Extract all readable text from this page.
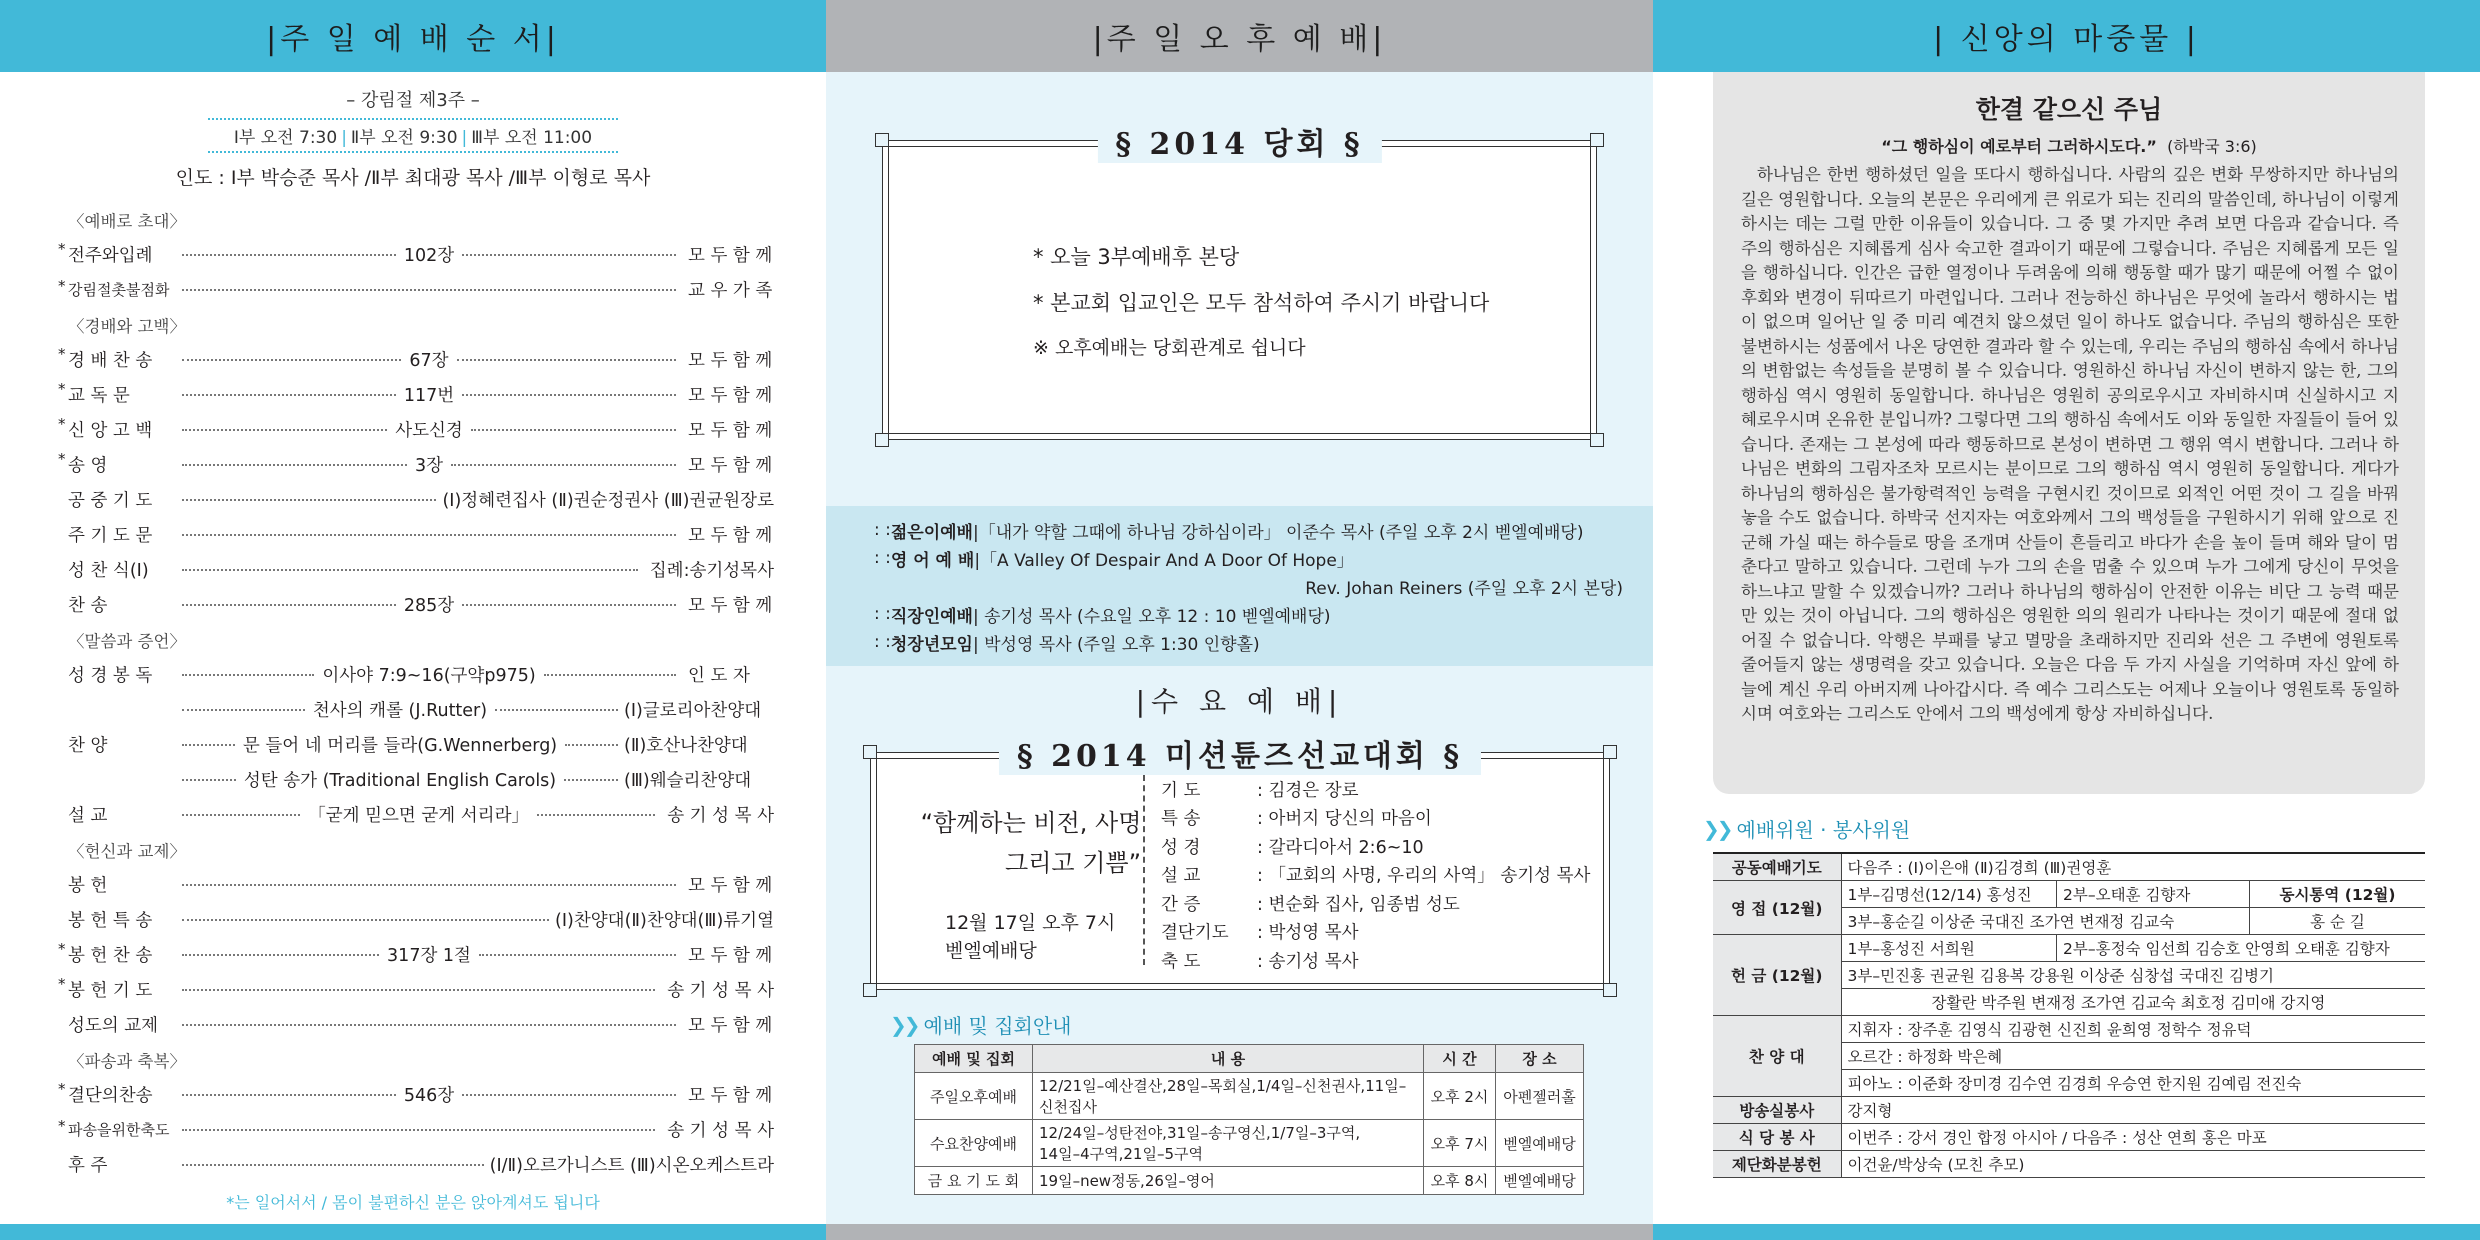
|주 일 예 배 순 서|
– 강림절 제3주 –
Ⅰ부 오전 7:30 | Ⅱ부 오전 9:30 | Ⅲ부 오전 11:00
인도 : Ⅰ부 박승준 목사 /Ⅱ부 최대광 목사 /Ⅲ부 이형로 목사
〈예배로 초대〉
* 전주와입례	102장	모 두 함 께
* 강림절촛불점화	교 우 가 족
〈경배와 고백〉
* 경 배 찬 송	67장	모 두 함 께
* 교 독 문	117번	모 두 함 께
* 신 앙 고 백	사도신경	모 두 함 께
* 송 영	3장	모 두 함 께
공 중 기 도	(Ⅰ)정혜련집사 (Ⅱ)권순정권사 (Ⅲ)권균원장로
주 기 도 문	모 두 함 께
성 찬 식(Ⅰ)	집례:송기성목사
찬 송	285장	모 두 함 께
〈말씀과 증언〉
성 경 봉 독	이사야 7:9~16(구약p975)	인 도 자
천사의 캐롤 (J.Rutter)	(Ⅰ)글로리아찬양대
찬 양	문 들어 네 머리를 들라(G.Wennerberg)	(Ⅱ)호산나찬양대
성탄 송가 (Traditional English Carols)	(Ⅲ)웨슬리찬양대
설 교	「굳게 믿으면 굳게 서리라」	송 기 성 목 사
〈헌신과 교제〉
봉 헌	모 두 함 께
봉 헌 특 송	(Ⅰ)찬양대(Ⅱ)찬양대(Ⅲ)류기열
* 봉 헌 찬 송	317장 1절	모 두 함 께
* 봉 헌 기 도	송 기 성 목 사
성도의 교제	모 두 함 께
〈파송과 축복〉
* 결단의찬송	546장	모 두 함 께
* 파송을위한축도	송 기 성 목 사
후 주	(Ⅰ/Ⅱ)오르가니스트 (Ⅲ)시온오케스트라
*는 일어서서 / 몸이 불편하신 분은 앉아계셔도 됩니다
|주 일 오 후 예 배|
§ 2014 당회 §
* 오늘 3부예배후 본당
* 본교회 입교인은 모두 참석하여 주시기 바랍니다
※ 오후예배는 당회관계로 쉽니다
: : 젊은이예배 |「내가 약할 그때에 하나님 강하심이라」 이준수 목사 (주일 오후 2시 벧엘예배당)
: : 영 어 예 배 |「A Valley Of Despair And A Door Of Hope」
Rev. Johan Reiners (주일 오후 2시 본당)
: : 직장인예배 | 송기성 목사 (수요일 오후 12 : 10 벧엘예배당)
: : 청장년모임 | 박성영 목사 (주일 오후 1:30 인향홀)
|수 요 예 배|
§ 2014 미션튠즈선교대회 §
“함께하는 비전, 사명
그리고 기쁨”
12월 17일 오후 7시
벧엘예배당
기 도	: 김경은 장로
특 송	: 아버지 당신의 마음이
성 경	: 갈라디아서 2:6~10
설 교	: 「교회의 사명, 우리의 사역」 송기성 목사
간 증	: 변순화 집사, 임종범 성도
결단기도	: 박성영 목사
축 도	: 송기성 목사
❯❯ 예배 및 집회안내
예배 및 집회	내 용	시 간	장 소
주일오후예배	12/21일–예산결산,28일–목회실,1/4일–신천권사,11일–신천집사	오후 2시	아펜젤러홀
수요찬양예배	12/24일–성탄전야,31일–송구영신,1/7일–3구역,
14일–4구역,21일–5구역	오후 7시	벧엘예배당
금 요 기 도 회	19일–new정동,26일–영어	오후 8시	벧엘예배당
| 신앙의 마중물 |
한결 같으신 주님
“그 행하심이 예로부터 그러하시도다.” (하박국 3:6)
하나님은 한번 행하셨던 일을 또다시 행하십니다. 사람의 깊은 변화 무쌍하지만 하나님의 길은 영원합니다. 오늘의 본문은 우리에게 큰 위로가 되는 진리의 말씀인데, 하나님이 이렇게 하시는 데는 그럴 만한 이유들이 있습니다. 그 중 몇 가지만 추려 보면 다음과 같습니다. 즉 주의 행하심은 지혜롭게 심사 숙고한 결과이기 때문에 그렇습니다. 주님은 지혜롭게 모든 일을 행하십니다. 인간은 급한 열정이나 두려움에 의해 행동할 때가 많기 때문에 어쩔 수 없이 후회와 변경이 뒤따르기 마련입니다. 그러나 전능하신 하나님은 무엇에 놀라서 행하시는 법이 없으며 일어난 일 중 미리 예견치 않으셨던 일이 하나도 없습니다. 주님의 행하심은 또한 불변하시는 성품에서 나온 당연한 결과라 할 수 있는데, 우리는 주님의 행하심 속에서 하나님의 변함없는 속성들을 분명히 볼 수 있습니다. 영원하신 하나님 자신이 변하지 않는 한, 그의 행하심 역시 영원히 동일합니다. 하나님은 영원히 공의로우시고 자비하시며 신실하시고 지혜로우시며 온유한 분입니까? 그렇다면 그의 행하심 속에서도 이와 동일한 자질들이 들어 있습니다. 존재는 그 본성에 따라 행동하므로 본성이 변하면 그 행위 역시 변합니다. 그러나 하나님은 변화의 그림자조차 모르시는 분이므로 그의 행하심 역시 영원히 동일합니다. 게다가 하나님의 행하심은 불가항력적인 능력을 구현시킨 것이므로 외적인 어떤 것이 그 길을 바꿔 놓을 수도 없습니다. 하박국 선지자는 여호와께서 그의 백성들을 구원하시기 위해 앞으로 진군해 가실 때는 하수들로 땅을 조개며 산들이 흔들리고 바다가 손을 높이 들며 해와 달이 멈춘다고 말하고 있습니다. 그런데 누가 그의 손을 멈출 수 있으며 누가 그에게 당신이 무엇을 하느냐고 말할 수 있겠습니까? 그러나 하나님의 행하심이 안전한 이유는 비단 그 능력 때문만 있는 것이 아닙니다. 그의 행하심은 영원한 의의 원리가 나타나는 것이기 때문에 절대 없어질 수 없습니다. 악행은 부패를 낳고 멸망을 초래하지만 진리와 선은 그 주변에 영원토록 줄어들지 않는 생명력을 갖고 있습니다. 오늘은 다음 두 가지 사실을 기억하며 자신 앞에 하늘에 계신 우리 아버지께 나아갑시다. 즉 예수 그리스도는 어제나 오늘이나 영원토록 동일하시며 여호와는 그리스도 안에서 그의 백성에게 항상 자비하십니다.
❯❯ 예배위원 · 봉사위원
공동예배기도	다음주 : (Ⅰ)이은애 (Ⅱ)김경희 (Ⅲ)권영훈		
영 접 (12월)	1부–김명선(12/14) 홍성진	2부–오태훈 김향자	동시통역 (12월)
	3부–홍순길 이상준 국대진 조가연 변재정 김교숙		홍 순 길
헌 금 (12월)	1부–홍성진 서희원	2부–홍정숙 임선희 김승호 안영희 오태훈 김향자	
	3부–민진홍 권균원 김용복 강용원 이상준 심창섭 국대진 김병기		
	장활란 박주원 변재정 조가연 김교숙 최호정 김미애 강지영		
찬 양 대	지휘자 : 장주훈 김영식 김광현 신진희 윤희영 정학수 정유덕		
	오르간 : 하정화 박은혜		
	피아노 : 이준화 장미경 김수연 김경희 우승연 한지원 김예림 전진숙		
방송실봉사	강지형		
식 당 봉 사	이번주 : 강서 경인 합정 아시아 / 다음주 : 성산 연희 홍은 마포		
제단화분봉헌	이건윤/박상숙 (모친 추모)		
